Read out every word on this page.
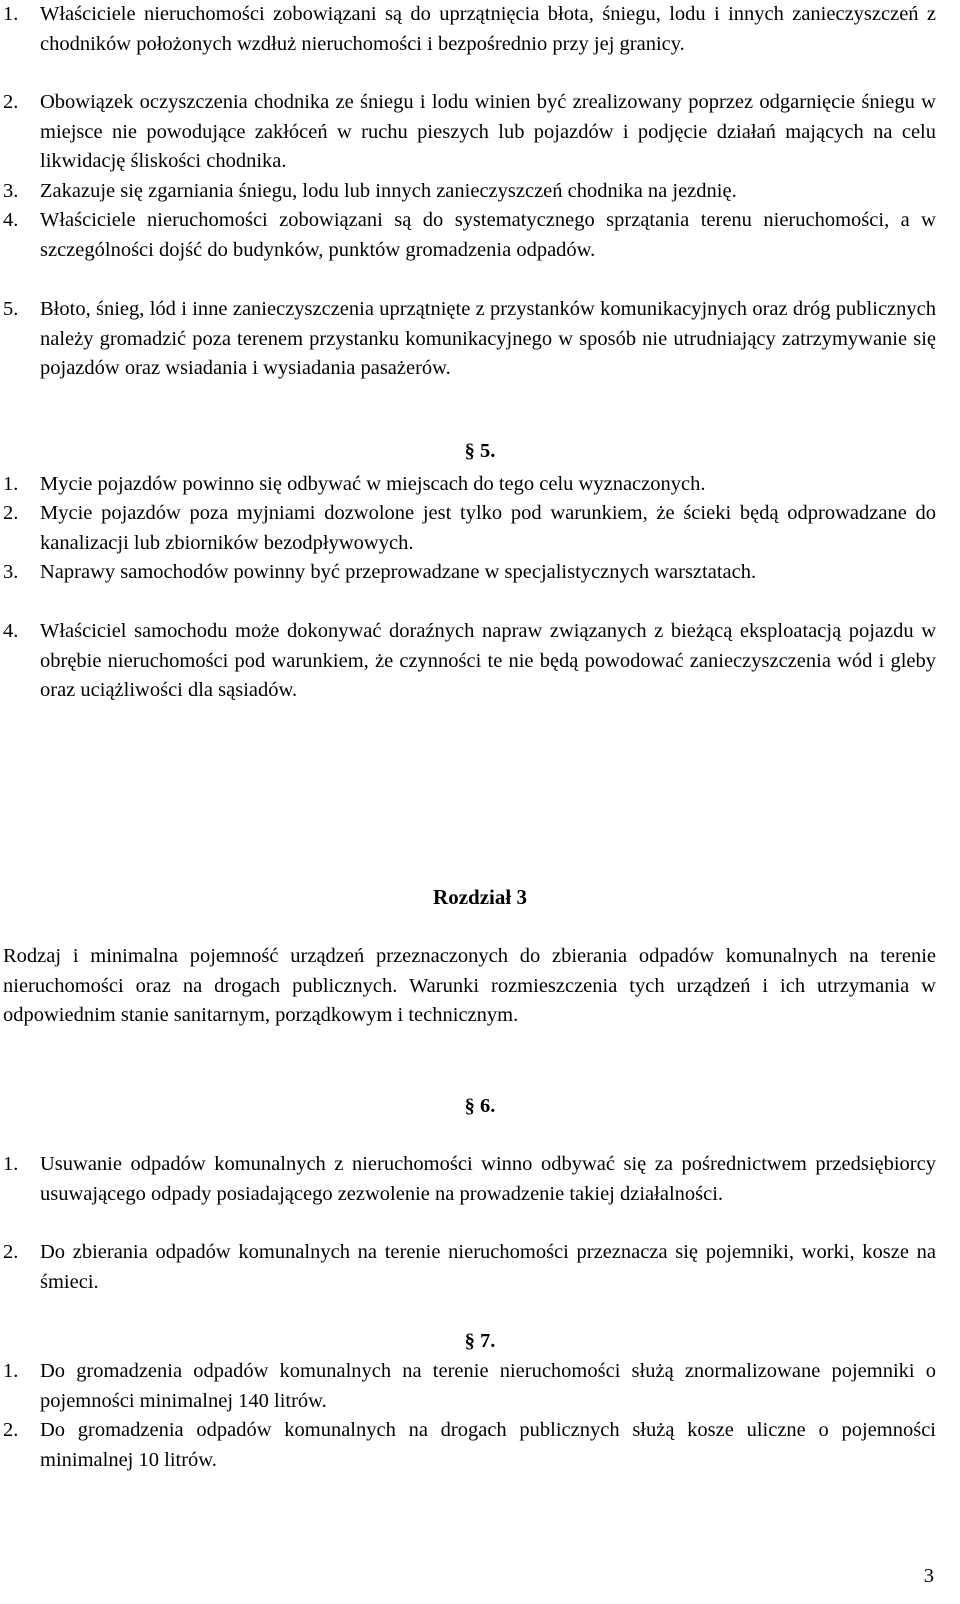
1. Właściciele nieruchomości zobowiązani są do uprzątnięcia błota, śniegu, lodu i innych zanieczyszczeń z chodników położonych wzdłuż nieruchomości i bezpośrednio przy jej granicy.
2. Obowiązek oczyszczenia chodnika ze śniegu i lodu winien być zrealizowany poprzez odgarnięcie śniegu w miejsce nie powodujące zakłóceń w ruchu pieszych lub pojazdów i podjęcie działań mających na celu likwidację śliskości chodnika.
3. Zakazuje się zgarniania śniegu, lodu lub innych zanieczyszczeń chodnika na jezdnię.
4. Właściciele nieruchomości zobowiązani są do systematycznego sprzątania terenu nieruchomości, a w szczególności dojść do budynków, punktów gromadzenia odpadów.
5. Błoto, śnieg, lód i inne zanieczyszczenia uprzątnięte z przystanków komunikacyjnych oraz dróg publicznych należy gromadzić poza terenem przystanku komunikacyjnego w sposób nie utrudniający zatrzymywanie się pojazdów oraz wsiadania i wysiadania pasażerów.
§ 5.
1. Mycie pojazdów powinno się odbywać w miejscach do tego celu wyznaczonych.
2. Mycie pojazdów poza myjniami dozwolone jest tylko pod warunkiem, że ścieki będą odprowadzane do kanalizacji lub zbiorników bezodpływowych.
3. Naprawy samochodów powinny być przeprowadzane w specjalistycznych warsztatach.
4. Właściciel samochodu może dokonywać doraźnych napraw związanych z bieżącą eksploatacją pojazdu w obrębie nieruchomości pod warunkiem, że czynności te nie będą powodować zanieczyszczenia wód i gleby oraz uciążliwości dla sąsiadów.
Rozdział 3
Rodzaj i minimalna pojemność urządzeń przeznaczonych do zbierania odpadów komunalnych na terenie nieruchomości oraz na drogach publicznych. Warunki rozmieszczenia tych urządzeń i ich utrzymania w odpowiednim stanie sanitarnym, porządkowym i technicznym.
§ 6.
1. Usuwanie odpadów komunalnych z nieruchomości winno odbywać się za pośrednictwem przedsiębiorcy usuwającego odpady posiadającego zezwolenie na prowadzenie takiej działalności.
2. Do zbierania odpadów komunalnych na terenie nieruchomości przeznacza się pojemniki, worki, kosze na śmieci.
§ 7.
1. Do gromadzenia odpadów komunalnych na terenie nieruchomości służą znormalizowane pojemniki o pojemności minimalnej 140 litrów.
2. Do gromadzenia odpadów komunalnych na drogach publicznych służą kosze uliczne o pojemności minimalnej 10 litrów.
3
